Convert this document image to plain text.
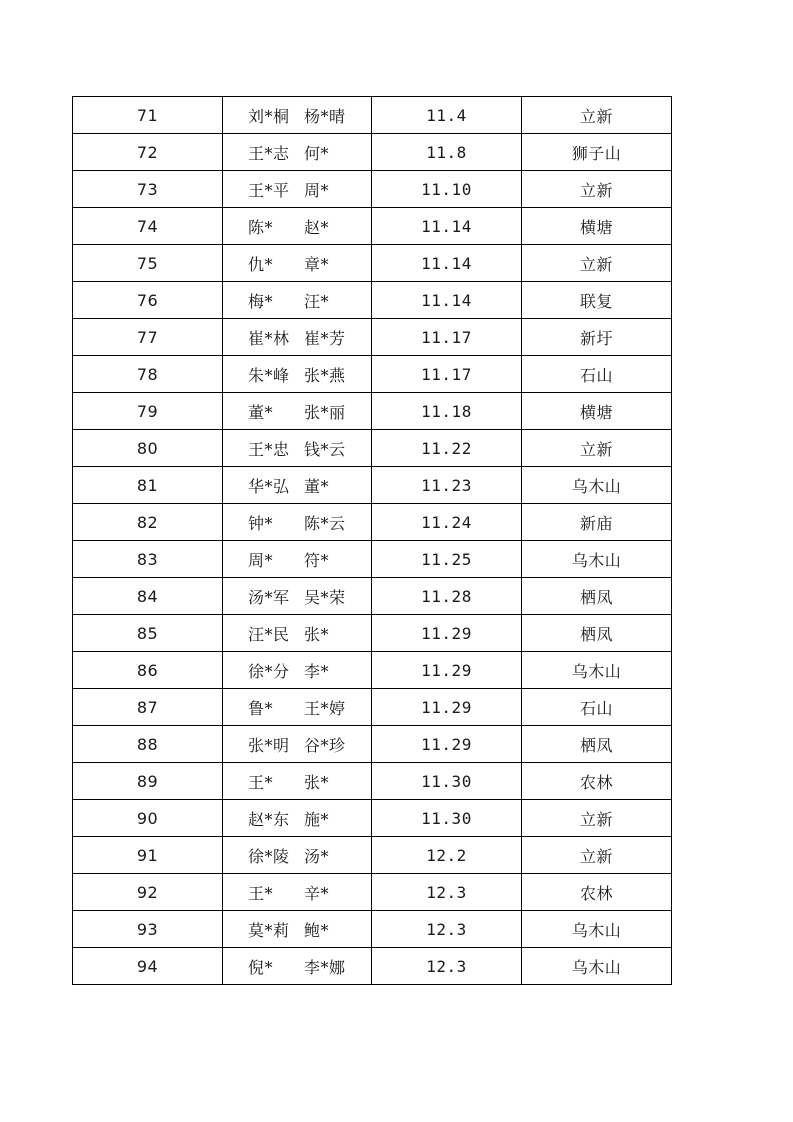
71	刘*桐 杨*晴	11.4	立新
72	王*志 何*	11.8	狮子山
73	王*平 周*	11.10	立新
74	陈* 赵*	11.14	横塘
75	仇* 章*	11.14	立新
76	梅* 汪*	11.14	联复
77	崔*林 崔*芳	11.17	新圩
78	朱*峰 张*燕	11.17	石山
79	董* 张*丽	11.18	横塘
80	王*忠 钱*云	11.22	立新
81	华*弘 董*	11.23	乌木山
82	钟* 陈*云	11.24	新庙
83	周* 符*	11.25	乌木山
84	汤*军 吴*荣	11.28	栖凤
85	汪*民 张*	11.29	栖凤
86	徐*分 李*	11.29	乌木山
87	鲁* 王*婷	11.29	石山
88	张*明 谷*珍	11.29	栖凤
89	王* 张*	11.30	农林
90	赵*东 施*	11.30	立新
91	徐*陵 汤*	12.2	立新
92	王* 辛*	12.3	农林
93	莫*莉 鲍*	12.3	乌木山
94	倪* 李*娜	12.3	乌木山
